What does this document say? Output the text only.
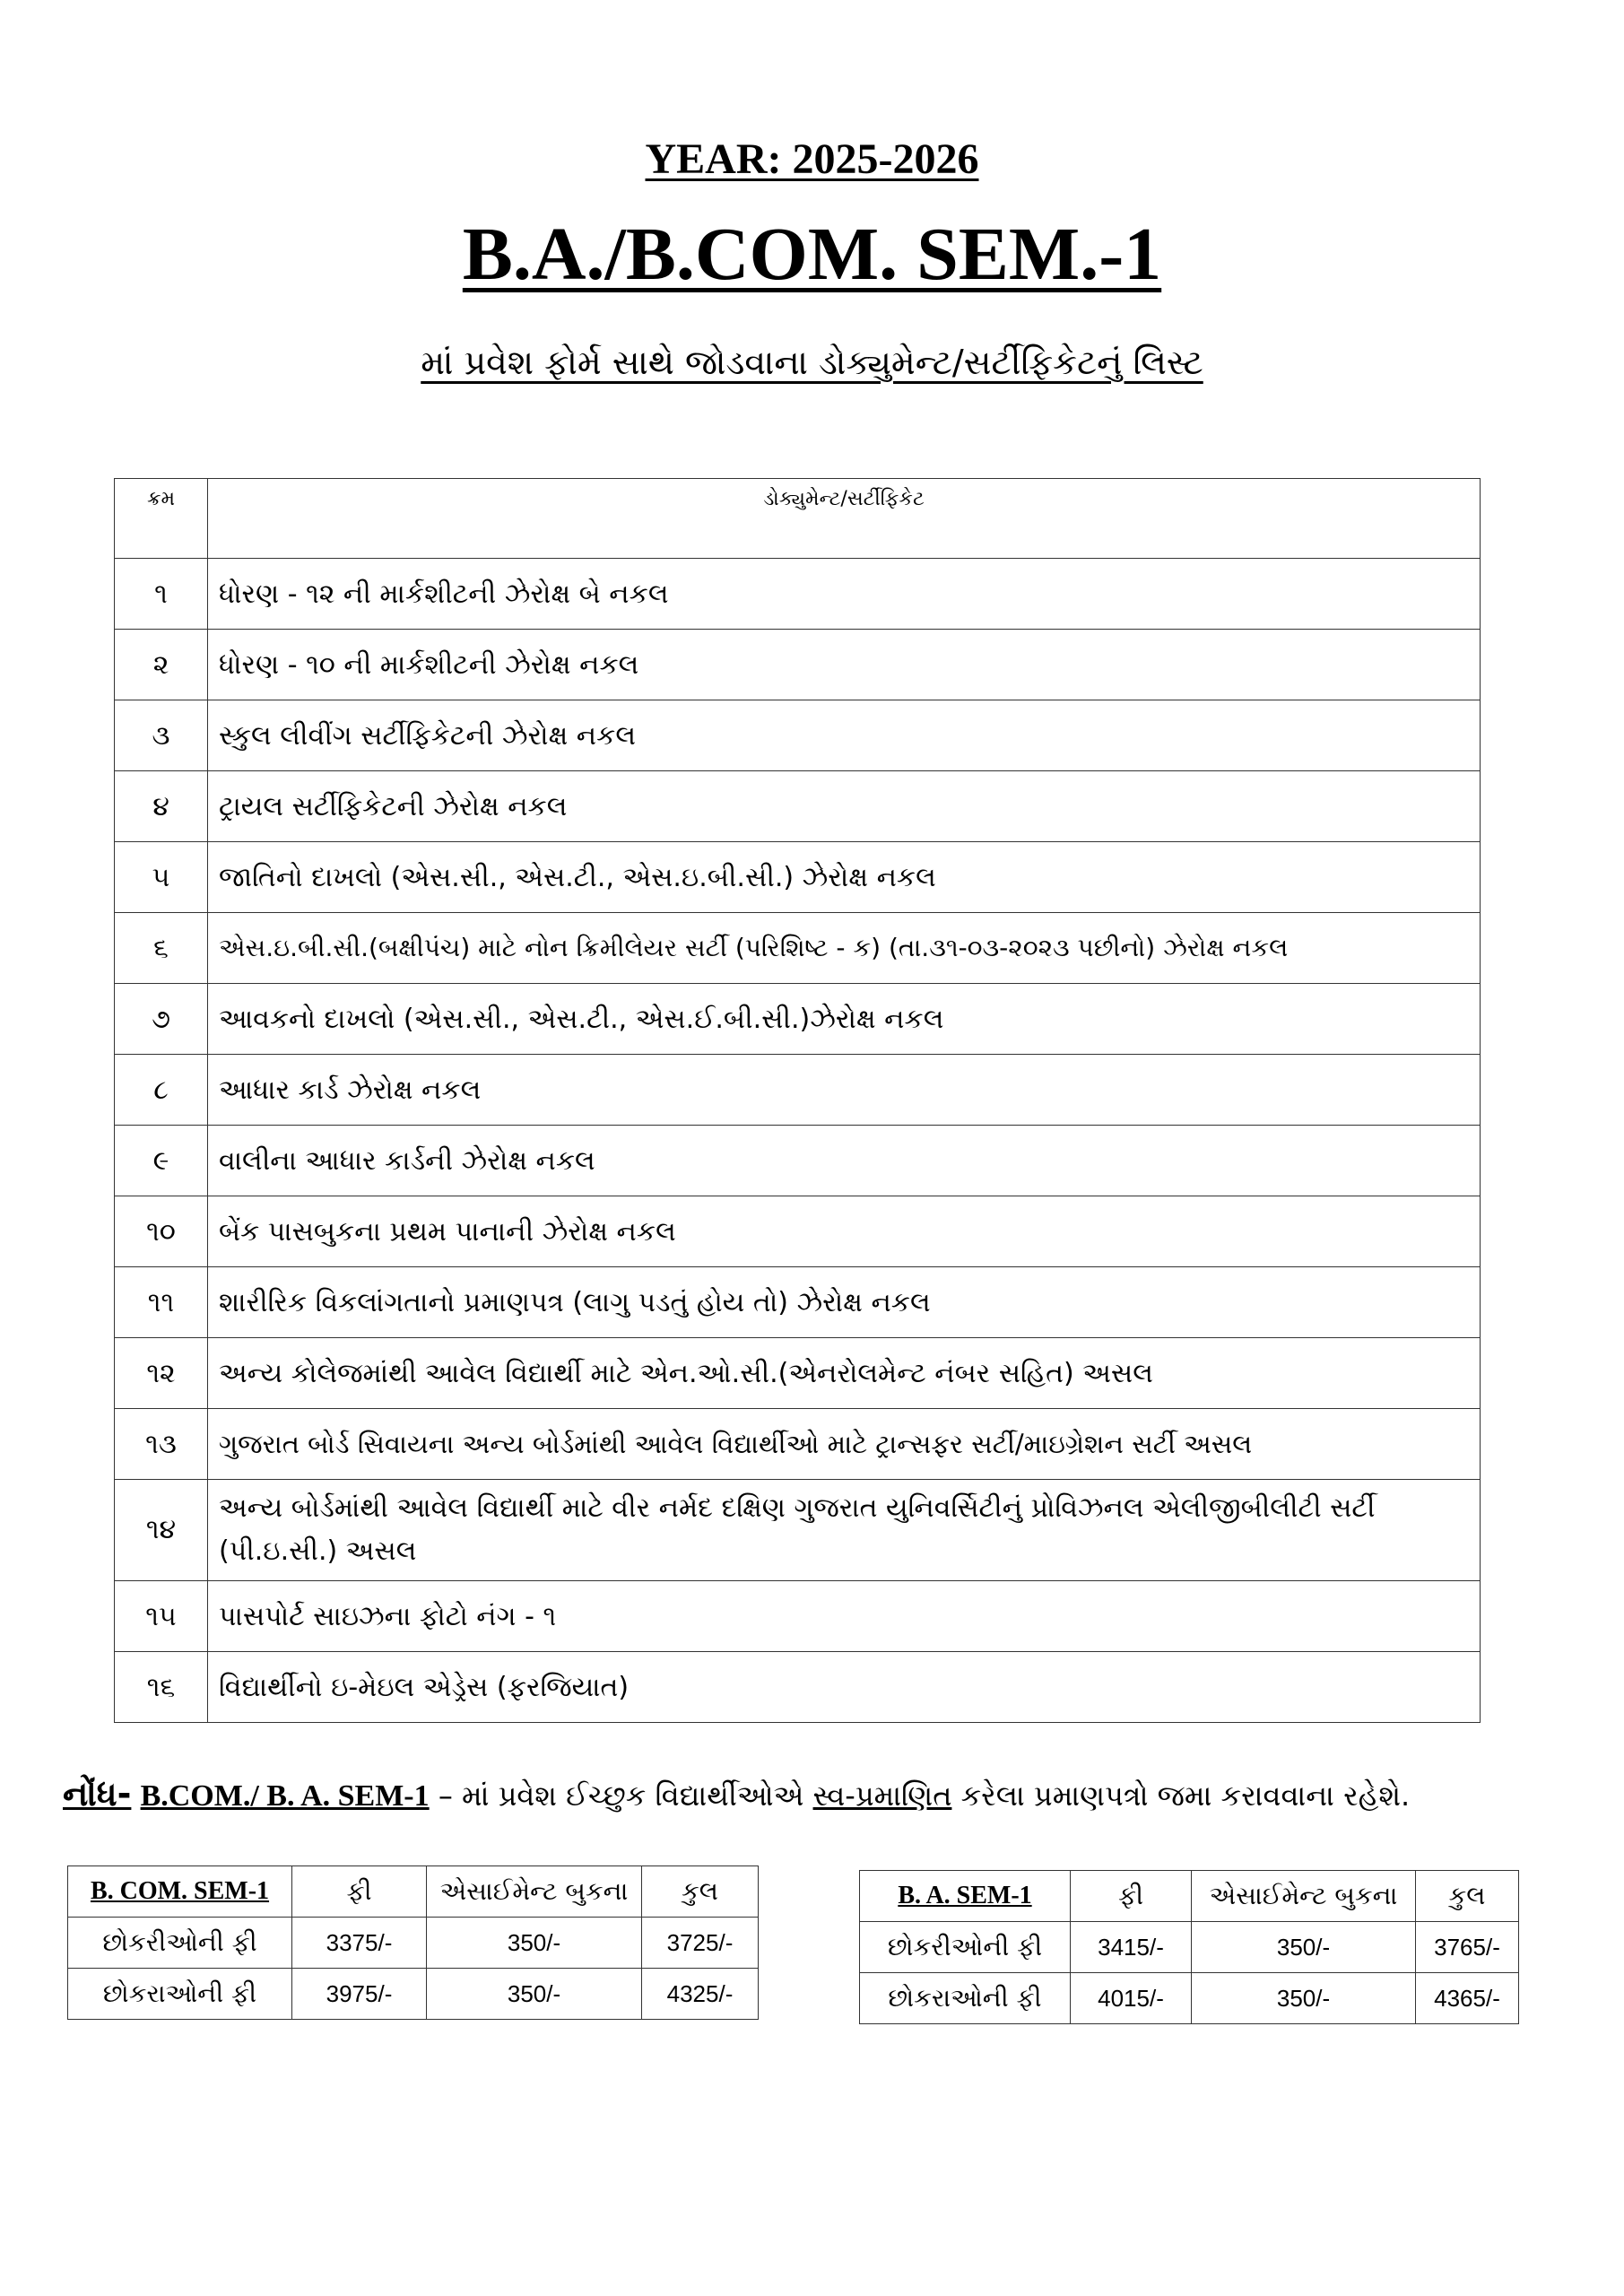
YEAR: 2025-2026
B.A./B.COM. SEM.-1
માં પ્રવેશ ફોર્મ સાથે જોડવાના ડોક્યુમેન્ટ/સર્ટીફિકેટનું લિસ્ટ
ક્રમ	ડોક્યુમેન્ટ/સર્ટીફિકેટ
૧	ધોરણ - ૧૨ ની માર્કશીટની ઝેરોક્ષ બે નકલ
૨	ધોરણ - ૧૦ ની માર્કશીટની ઝેરોક્ષ નકલ
૩	સ્કુલ લીવીંગ સર્ટીફિકેટની ઝેરોક્ષ નકલ
૪	ટ્રાયલ સર્ટીફિકેટની ઝેરોક્ષ નકલ
૫	જાતિનો દાખલો (એસ.સી., એસ.ટી., એસ.ઇ.બી.સી.) ઝેરોક્ષ નકલ
૬	એસ.ઇ.બી.સી.(બક્ષીપંચ) માટે નોન ક્રિમીલેયર સર્ટી (પરિશિષ્ટ - ક) (તા.૩૧-૦૩-૨૦૨૩ પછીનો) ઝેરોક્ષ નકલ
૭	આવકનો દાખલો (એસ.સી., એસ.ટી., એસ.ઈ.બી.સી.)ઝેરોક્ષ નકલ
૮	આધાર કાર્ડ ઝેરોક્ષ નકલ
૯	વાલીના આધાર કાર્ડની ઝેરોક્ષ નકલ
૧૦	બેંક પાસબુકના પ્રથમ પાનાની ઝેરોક્ષ નકલ
૧૧	શારીરિક વિકલાંગતાનો પ્રમાણપત્ર (લાગુ પડતું હોય તો) ઝેરોક્ષ નકલ
૧૨	અન્ય કોલેજમાંથી આવેલ વિદ્યાર્થી માટે એન.ઓ.સી.(એનરોલમેન્ટ નંબર સહિત) અસલ
૧૩	ગુજરાત બોર્ડ સિવાયના અન્ય બોર્ડમાંથી આવેલ વિદ્યાર્થીઓ માટે ટ્રાન્સફર સર્ટી/માઇગ્રેશન સર્ટી અસલ
૧૪	અન્ય બોર્ડમાંથી આવેલ વિદ્યાર્થી માટે વીર નર્મદ દક્ષિણ ગુજરાત યુનિવર્સિટીનું પ્રોવિઝનલ એલીજીબીલીટી સર્ટી (પી.ઇ.સી.) અસલ
૧૫	પાસપોર્ટ સાઇઝના ફોટો નંગ - ૧
૧૬	વિદ્યાર્થીનો ઇ-મેઇલ એડ્રેસ (ફરજિયાત)
નોંધ- B.COM./ B. A. SEM-1 – માં પ્રવેશ ઈચ્છુક વિદ્યાર્થીઓએ સ્વ-પ્રમાણિત કરેલા પ્રમાણપત્રો જમા કરાવવાના રહેશે.
B. COM. SEM-1	ફી	એસાઈમેન્ટ બુકના	કુલ
છોકરીઓની ફી	3375/-	350/-	3725/-
છોકરાઓની ફી	3975/-	350/-	4325/-
B. A. SEM-1	ફી	એસાઈમેન્ટ બુકના	કુલ
છોકરીઓની ફી	3415/-	350/-	3765/-
છોકરાઓની ફી	4015/-	350/-	4365/-
